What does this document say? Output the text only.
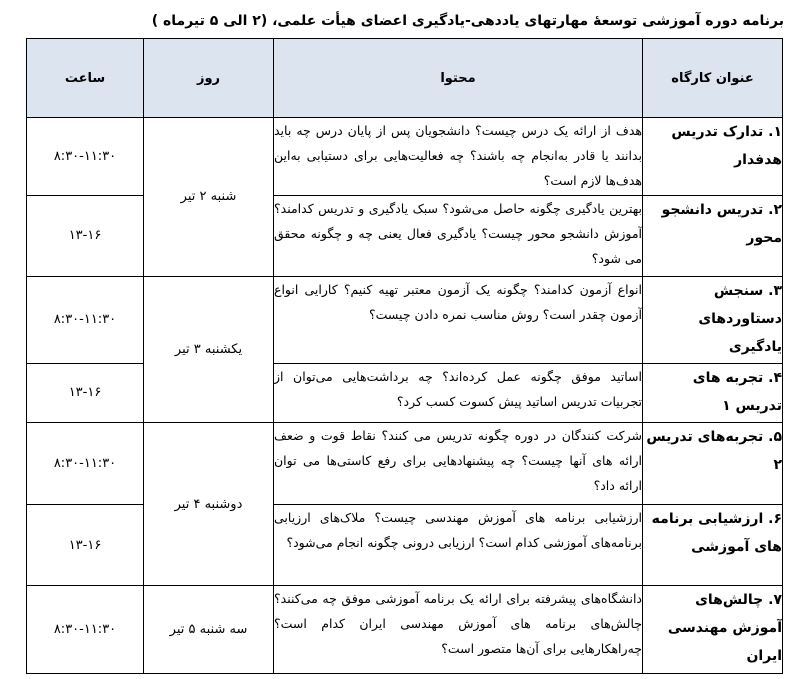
برنامه دوره آموزشی توسعهٔ مهارتهای یاددهی-یادگیری اعضای هیأت علمی، (۲ الی ۵ تیرماه )
عنوان کارگاه	محتوا	روز	ساعت
۱. تدارک تدریس هدفدار	هدف از ارائه یک درس چیست؟ دانشجویان پس از پایان درس چه باید بدانند یا قادر به‌انجام چه باشند؟ چه فعالیت‌هایی برای دستیابی به‌این هدف‌ها لازم است؟	شنبه ۲ تیر	۸:۳۰-۱۱:۳۰
۲. تدریس دانشجو محور	بهترین یادگیری چگونه حاصل می‌شود؟ سبک یادگیری و تدریس کدامند؟ آموزش دانشجو محور چیست؟ یادگیری فعال یعنی چه و چگونه محقق می شود؟		۱۳-۱۶
۳. سنجش دستاوردهای یادگیری	انواع آزمون کدامند؟ چگونه یک آزمون معتبر تهیه کنیم؟ کارایی انواع آزمون چقدر است؟ روش مناسب نمره دادن چیست؟	یکشنبه ۳ تیر	۸:۳۰-۱۱:۳۰
۴. تجربه های تدریس ۱	اساتید موفق چگونه عمل کرده‌اند؟ چه برداشت‌هایی می‌توان از تجربیات تدریس اساتید پیش کسوت کسب کرد؟		۱۳-۱۶
۵. تجربه‌های تدریس ۲	شرکت کنندگان در دوره چگونه تدریس می کنند؟ نقاط قوت و ضعف ارائه های آنها چیست؟ چه پیشنهادهایی برای رفع کاستی‌ها می توان ارائه داد؟	دوشنبه ۴ تیر	۸:۳۰-۱۱:۳۰
۶. ارزشیابی برنامه های آموزشی	ارزشیابی برنامه های آموزش مهندسی چیست؟ ملاک‌های ارزیابی برنامه‌های آموزشی کدام است؟ ارزیابی درونی چگونه انجام می‌شود؟		۱۳-۱۶
۷. چالش‌های آموزش مهندسی ایران	دانشگاه‌های پیشرفته برای ارائه یک برنامه آموزشی موفق چه می‌کنند؟ چالش‌های برنامه های آموزش مهندسی ایران کدام است؟ چه‌راهکارهایی برای آن‌ها متصور است؟	سه شنبه ۵ تیر	۸:۳۰-۱۱:۳۰
